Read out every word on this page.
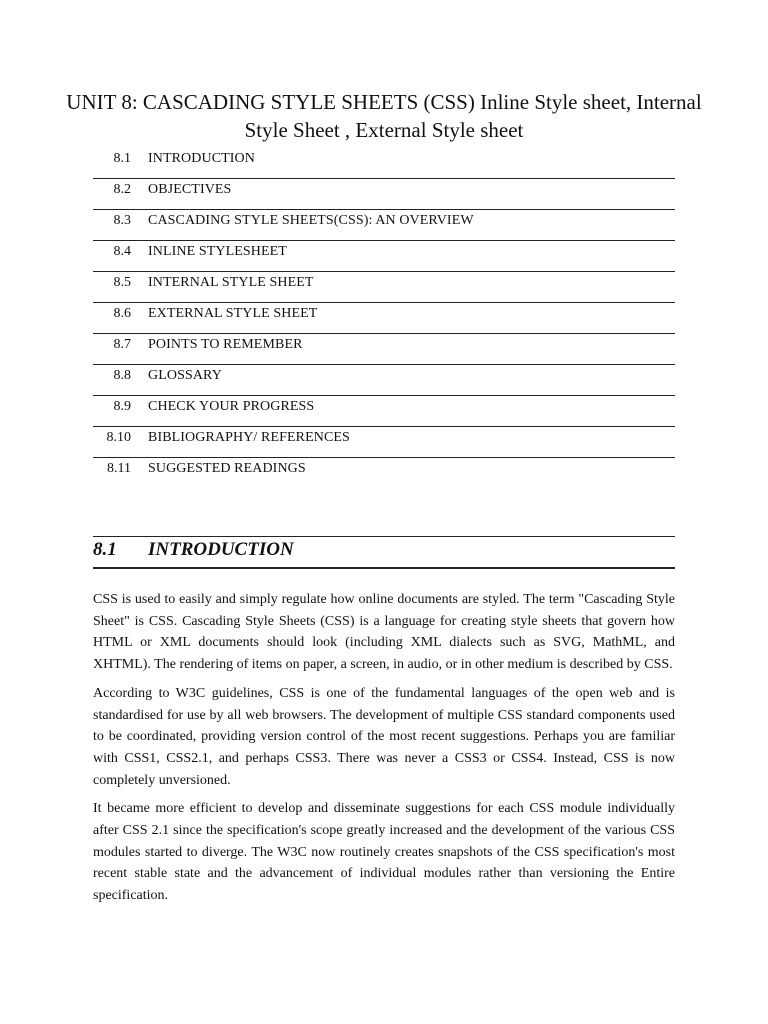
UNIT 8: CASCADING STYLE SHEETS (CSS) Inline Style sheet, Internal Style Sheet , External Style sheet
8.1 INTRODUCTION
8.2 OBJECTIVES
8.3 CASCADING STYLE SHEETS(CSS): AN OVERVIEW
8.4 INLINE STYLESHEET
8.5 INTERNAL STYLE SHEET
8.6 EXTERNAL STYLE SHEET
8.7 POINTS TO REMEMBER
8.8 GLOSSARY
8.9 CHECK YOUR PROGRESS
8.10 BIBLIOGRAPHY/ REFERENCES
8.11 SUGGESTED READINGS
8.1 INTRODUCTION

CSS is used to easily and simply regulate how online documents are styled. The term "Cascading Style Sheet" is CSS. Cascading Style Sheets (CSS) is a language for creating style sheets that govern how HTML or XML documents should look (including XML dialects such as SVG, MathML, and XHTML). The rendering of items on paper, a screen, in audio, or in other medium is described by CSS.

According to W3C guidelines, CSS is one of the fundamental languages of the open web and is standardised for use by all web browsers. The development of multiple CSS standard components used to be coordinated, providing version control of the most recent suggestions. Perhaps you are familiar with CSS1, CSS2.1, and perhaps CSS3. There was never a CSS3 or CSS4. Instead, CSS is now completely unversioned.

It became more efficient to develop and disseminate suggestions for each CSS module individually after CSS 2.1 since the specification's scope greatly increased and the development of the various CSS modules started to diverge. The W3C now routinely creates snapshots of the CSS specification's most recent stable state and the advancement of individual modules rather than versioning the Entire specification.
